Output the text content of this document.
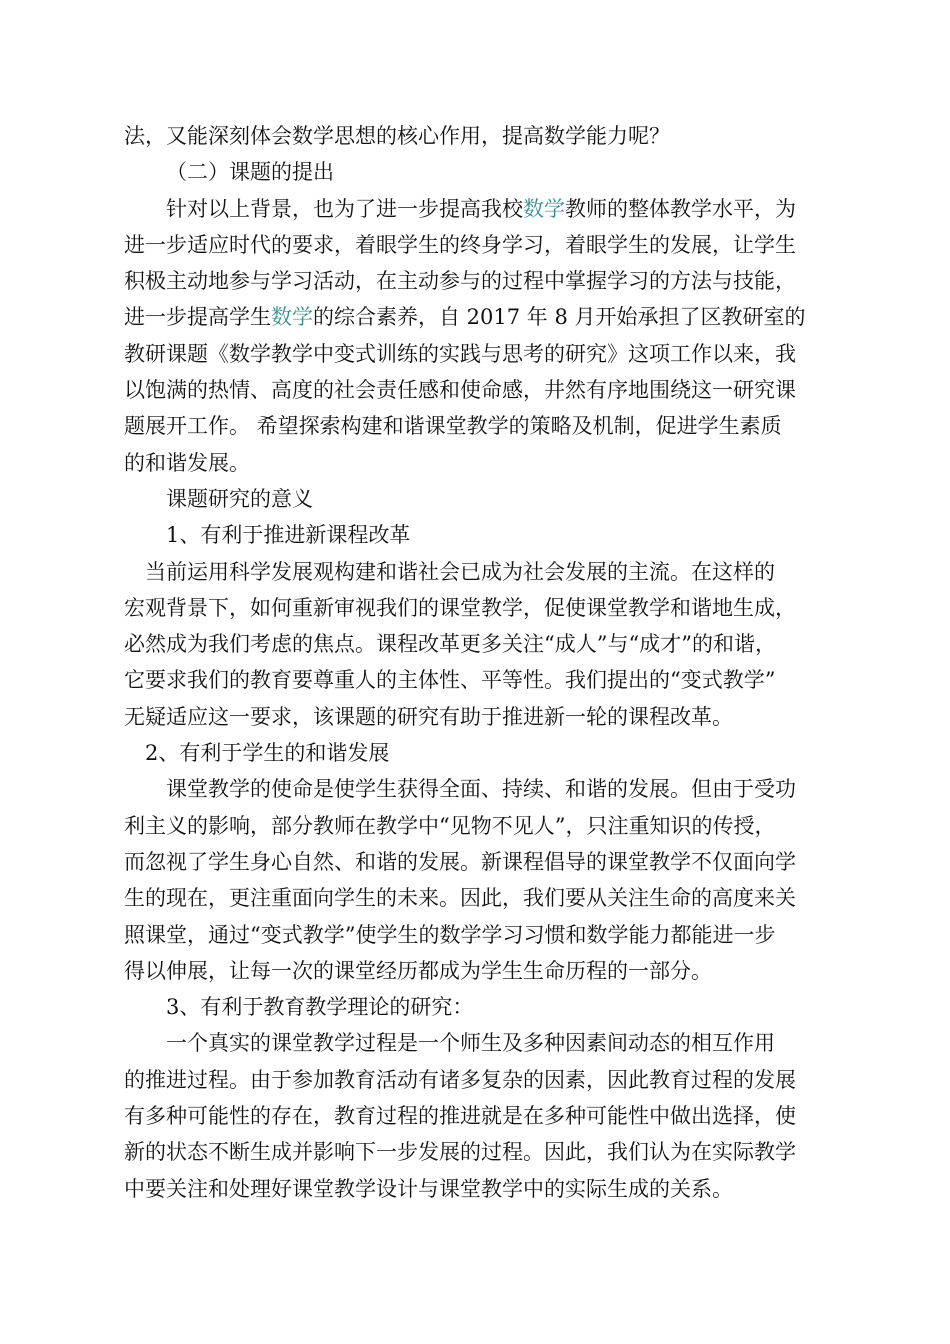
法，又能深刻体会数学思想的核心作用，提高数学能力呢？
（二）课题的提出
针对以上背景，也为了进一步提高我校数学教师的整体教学水平，为
进一步适应时代的要求，着眼学生的终身学习，着眼学生的发展，让学生
积极主动地参与学习活动，在主动参与的过程中掌握学习的方法与技能，
进一步提高学生数学的综合素养，自 2017 年 8 月开始承担了区教研室的
教研课题《数学教学中变式训练的实践与思考的研究》这项工作以来，我
以饱满的热情、高度的社会责任感和使命感，井然有序地围绕这一研究课
题展开工作。 希望探索构建和谐课堂教学的策略及机制，促进学生素质
的和谐发展。
课题研究的意义
1、有利于推进新课程改革
当前运用科学发展观构建和谐社会已成为社会发展的主流。在这样的
宏观背景下，如何重新审视我们的课堂教学，促使课堂教学和谐地生成，
必然成为我们考虑的焦点。课程改革更多关注“成人”与“成才”的和谐，
它要求我们的教育要尊重人的主体性、平等性。我们提出的“变式教学”
无疑适应这一要求，该课题的研究有助于推进新一轮的课程改革。
2、有利于学生的和谐发展
课堂教学的使命是使学生获得全面、持续、和谐的发展。但由于受功
利主义的影响，部分教师在教学中“见物不见人”，只注重知识的传授，
而忽视了学生身心自然、和谐的发展。新课程倡导的课堂教学不仅面向学
生的现在，更注重面向学生的未来。因此，我们要从关注生命的高度来关
照课堂，通过“变式教学”使学生的数学学习习惯和数学能力都能进一步
得以伸展，让每一次的课堂经历都成为学生生命历程的一部分。
3、有利于教育教学理论的研究：
一个真实的课堂教学过程是一个师生及多种因素间动态的相互作用
的推进过程。由于参加教育活动有诸多复杂的因素，因此教育过程的发展
有多种可能性的存在，教育过程的推进就是在多种可能性中做出选择，使
新的状态不断生成并影响下一步发展的过程。因此，我们认为在实际教学
中要关注和处理好课堂教学设计与课堂教学中的实际生成的关系。
